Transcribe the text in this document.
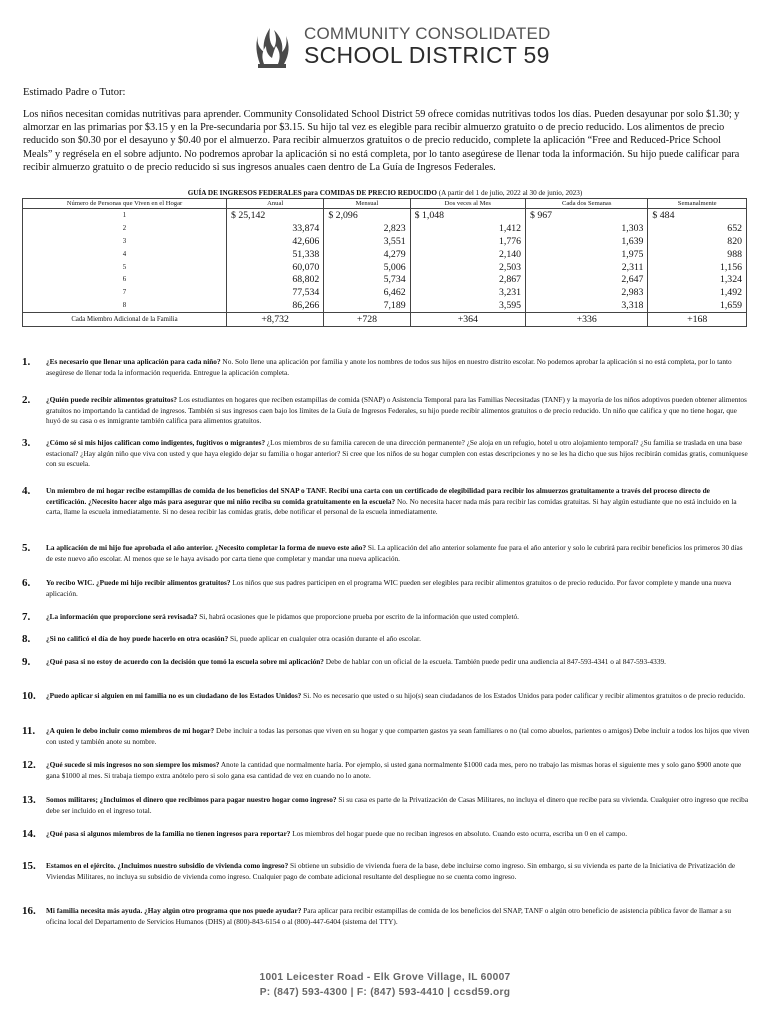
COMMUNITY CONSOLIDATED
SCHOOL DISTRICT 59
Estimado Padre o Tutor:
Los niños necesitan comidas nutritivas para aprender. Community Consolidated School District 59 ofrece comidas nutritivas todos los días. Pueden desayunar por solo $1.30; y almorzar en las primarias por $3.15 y en la Pre-secundaria por $3.15. Su hijo tal vez es elegible para recibir almuerzo gratuito o de precio reducido. Los alimentos de precio reducido son $0.30 por el desayuno y $0.40 por el almuerzo. Para recibir almuerzos gratuitos o de precio reducido, complete la aplicación “Free and Reduced-Price School Meals” y regrésela en el sobre adjunto. No podremos aprobar la aplicación si no está completa, por lo tanto asegúrese de llenar toda la información. Su hijo puede calificar para recibir almuerzo gratuito o de precio reducido si sus ingresos anuales caen dentro de La Guía de Ingresos Federales.
GUÍA DE INGRESOS FEDERALES para COMIDAS DE PRECIO REDUCIDO (A partir del 1 de julio, 2022 al 30 de junio, 2023)
Número de Personas que Viven en el Hogar	Anual	Mensual	Dos veces al Mes	Cada dos Semanas	Semanalmente
1	$ 25,142	$ 2,096	$ 1,048	$ 967	$ 484
2	33,874	2,823	1,412	1,303	652
3	42,606	3,551	1,776	1,639	820
4	51,338	4,279	2,140	1,975	988
5	60,070	5,006	2,503	2,311	1,156
6	68,802	5,734	2,867	2,647	1,324
7	77,534	6,462	3,231	2,983	1,492
8	86,266	7,189	3,595	3,318	1,659
Cada Miembro Adicional de la Familia	+8,732	+728	+364	+336	+168
1.	¿Es necesario que llenar una aplicación para cada niño? No. Solo llene una aplicación por familia y anote los nombres de todos sus hijos en nuestro distrito escolar. No podemos aprobar la aplicación si no está completa, por lo tanto asegúrese de llenar toda la información requerida. Entregue la aplicación completa.
2.	¿Quién puede recibir alimentos gratuitos? Los estudiantes en hogares que reciben estampillas de comida (SNAP) o Asistencia Temporal para las Familias Necesitadas (TANF) y la mayoría de los niños adoptivos pueden obtener alimentos gratuitos no importando la cantidad de ingresos. También si sus ingresos caen bajo los límites de la Guía de Ingresos Federales, su hijo puede recibir alimentos gratuitos o de precio reducido. Un niño que califica y que no tiene hogar, que huyó de su casa o es inmigrante también califica para alimentos gratuitos.
3.	¿Cómo sé si mis hijos califican como indigentes, fugitivos o migrantes? ¿Los miembros de su familia carecen de una dirección permanente? ¿Se aloja en un refugio, hotel u otro alojamiento temporal? ¿Su familia se traslada en una base estacional? ¿Hay algún niño que viva con usted y que haya elegido dejar su familia o hogar anterior? Si cree que los niños de su hogar cumplen con estas descripciones y no se les ha dicho que sus hijos recibirán comidas gratis, comuníquese con su escuela.
4.	Un miembro de mi hogar recibe estampillas de comida de los beneficios del SNAP o TANF. Recibí una carta con un certificado de elegibilidad para recibir los almuerzos gratuitamente a través del proceso directo de certificación. ¿Necesito hacer algo más para asegurar que mi niño reciba su comida gratuitamente en la escuela? No. No necesita hacer nada más para recibir las comidas gratuitas. Si hay algún estudiante que no está incluido en la carta, llame la escuela inmediatamente. Si no desea recibir las comidas gratis, debe notificar el personal de la escuela inmediatamente.
5.	La aplicación de mi hijo fue aprobada el año anterior. ¿Necesito completar la forma de nuevo este año? Si. La aplicación del año anterior solamente fue para el año anterior y solo le cubrirá para recibir beneficios los primeros 30 días de este nuevo año escolar. Al menos que se le haya avisado por carta tiene que completar y mandar una nueva aplicación.
6.	Yo recibo WIC. ¿Puede mi hijo recibir alimentos gratuitos? Los niños que sus padres participen en el programa WIC pueden ser elegibles para recibir alimentos gratuitos o de precio reducido. Por favor complete y mande una nueva aplicación.
7.	¿La información que proporcione será revisada? Si, habrá ocasiones que le pidamos que proporcione prueba por escrito de la información que usted completó.
8.	¿Si no calificó el día de hoy puede hacerlo en otra ocasión? Si, puede aplicar en cualquier otra ocasión durante el año escolar.
9.	¿Qué pasa si no estoy de acuerdo con la decisión que tomó la escuela sobre mi aplicación? Debe de hablar con un oficial de la escuela. También puede pedir una audiencia al 847-593-4341 o al 847-593-4339.
10.	¿Puedo aplicar si alguien en mi familia no es un ciudadano de los Estados Unidos? Si. No es necesario que usted o su hijo(s) sean ciudadanos de los Estados Unidos para poder calificar y recibir alimentos gratuitos o de precio reducido.
11.	¿A quien le debo incluir como miembros de mi hogar? Debe incluir a todas las personas que viven en su hogar y que comparten gastos ya sean familiares o no (tal como abuelos, parientes o amigos) Debe incluir a todos los hijos que viven con usted y también anote su nombre.
12.	¿Qué sucede si mis ingresos no son siempre los mismos? Anote la cantidad que normalmente haría. Por ejemplo, si usted gana normalmente $1000 cada mes, pero no trabajo las mismas horas el siguiente mes y solo gano $900 anote que gana $1000 al mes. Si trabaja tiempo extra anótelo pero si solo gana esa cantidad de vez en cuando no lo anote.
13.	Somos militares; ¿Incluimos el dinero que recibimos para pagar nuestro hogar como ingreso? Si su casa es parte de la Privatización de Casas Militares, no incluya el dinero que recibe para su vivienda. Cualquier otro ingreso que reciba debe ser incluido en el ingreso total.
14.	¿Qué pasa si algunos miembros de la familia no tienen ingresos para reportar? Los miembros del hogar puede que no reciban ingresos en absoluto. Cuando esto ocurra, escriba un 0 en el campo.
15.	Estamos en el ejército. ¿Incluimos nuestro subsidio de vivienda como ingreso? Si obtiene un subsidio de vivienda fuera de la base, debe incluirse como ingreso. Sin embargo, si su vivienda es parte de la Iniciativa de Privatización de Viviendas Militares, no incluya su subsidio de vivienda como ingreso. Cualquier pago de combate adicional resultante del despliegue no se cuenta como ingreso.
16.	Mi familia necesita más ayuda. ¿Hay algún otro programa que nos puede ayudar? Para aplicar para recibir estampillas de comida de los beneficios del SNAP, TANF o algún otro beneficio de asistencia pública favor de llamar a su oficina local del Departamento de Servicios Humanos (DHS) al (800)-843-6154 o al (800)-447-6404 (sistema del TTY).
1001 Leicester Road - Elk Grove Village, IL 60007
P: (847) 593-4300 | F: (847) 593-4410 | ccsd59.org
